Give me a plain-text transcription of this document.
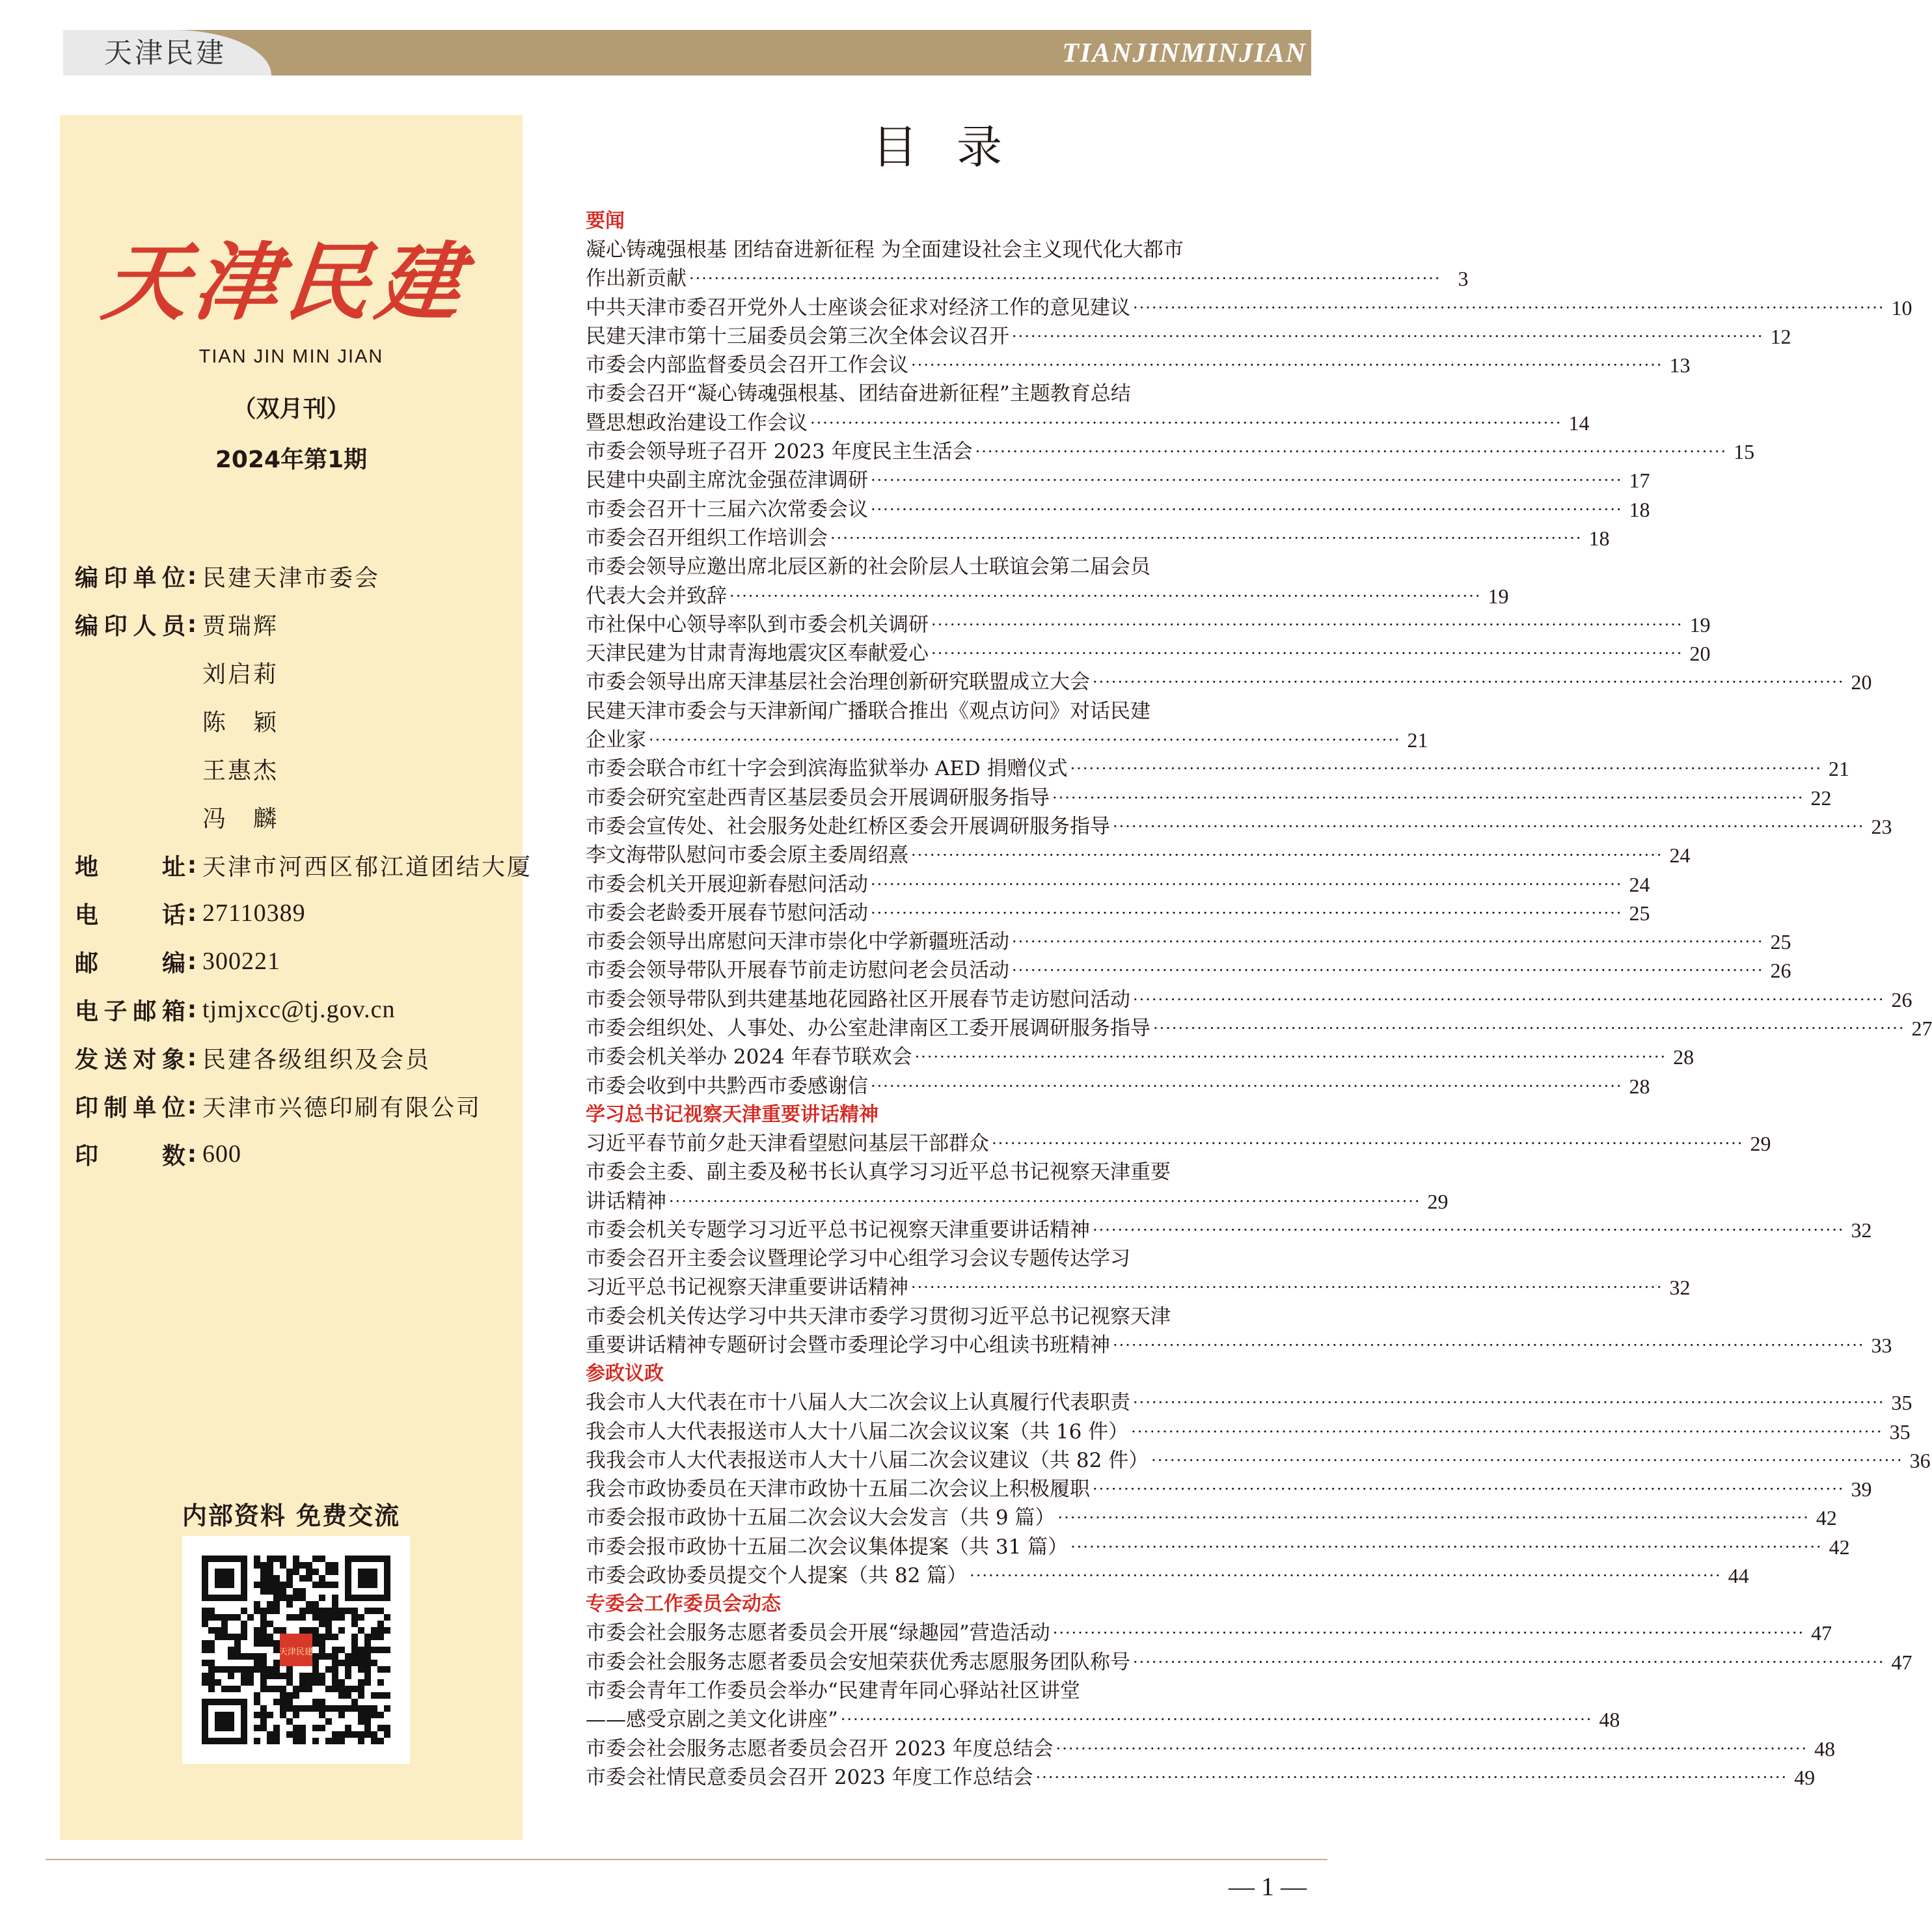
天津民建	TIANJINMINJIAN
天津民建
TIAN JIN MIN JIAN
（双月刊）
2024年第1期
编印单位 : 民建天津市委会
编印人员 : 贾瑞辉
刘启莉
陈　颖
王惠杰
冯　麟
地址 : 天津市河西区郁江道团结大厦
电话 : 27110389
邮编 : 300221
电子邮箱 : tjmjxcc@tj.gov.cn
发送对象 : 民建各级组织及会员
印制单位 : 天津市兴德印刷有限公司
印数 : 600
内部资料 免费交流
天津民建
目录
要闻
凝心铸魂强根基 团结奋进新征程 为全面建设社会主义现代化大都市
作出新贡献 ························································································································ 3
中共天津市委召开党外人士座谈会征求对经济工作的意见建议 ························································································································ 10
民建天津市第十三届委员会第三次全体会议召开 ························································································································ 12
市委会内部监督委员会召开工作会议 ························································································································ 13
市委会召开“凝心铸魂强根基、团结奋进新征程”主题教育总结
暨思想政治建设工作会议 ························································································································ 14
市委会领导班子召开 2023 年度民主生活会 ························································································································ 15
民建中央副主席沈金强莅津调研 ························································································································ 17
市委会召开十三届六次常委会议 ························································································································ 18
市委会召开组织工作培训会 ························································································································ 18
市委会领导应邀出席北辰区新的社会阶层人士联谊会第二届会员
代表大会并致辞 ························································································································ 19
市社保中心领导率队到市委会机关调研 ························································································································ 19
天津民建为甘肃青海地震灾区奉献爱心 ························································································································ 20
市委会领导出席天津基层社会治理创新研究联盟成立大会 ························································································································ 20
民建天津市委会与天津新闻广播联合推出《观点访问》对话民建
企业家 ························································································································ 21
市委会联合市红十字会到滨海监狱举办 AED 捐赠仪式 ························································································································ 21
市委会研究室赴西青区基层委员会开展调研服务指导 ························································································································ 22
市委会宣传处、社会服务处赴红桥区委会开展调研服务指导 ························································································································ 23
李文海带队慰问市委会原主委周绍熹 ························································································································ 24
市委会机关开展迎新春慰问活动 ························································································································ 24
市委会老龄委开展春节慰问活动 ························································································································ 25
市委会领导出席慰问天津市崇化中学新疆班活动 ························································································································ 25
市委会领导带队开展春节前走访慰问老会员活动 ························································································································ 26
市委会领导带队到共建基地花园路社区开展春节走访慰问活动 ························································································································ 26
市委会组织处、人事处、办公室赴津南区工委开展调研服务指导 ························································································································ 27
市委会机关举办 2024 年春节联欢会 ························································································································ 28
市委会收到中共黔西市委感谢信 ························································································································ 28
学习总书记视察天津重要讲话精神
习近平春节前夕赴天津看望慰问基层干部群众 ························································································································ 29
市委会主委、副主委及秘书长认真学习习近平总书记视察天津重要
讲话精神 ························································································································ 29
市委会机关专题学习习近平总书记视察天津重要讲话精神 ························································································································ 32
市委会召开主委会议暨理论学习中心组学习会议专题传达学习
习近平总书记视察天津重要讲话精神 ························································································································ 32
市委会机关传达学习中共天津市委学习贯彻习近平总书记视察天津
重要讲话精神专题研讨会暨市委理论学习中心组读书班精神 ························································································································ 33
参政议政
我会市人大代表在市十八届人大二次会议上认真履行代表职责 ························································································································ 35
我会市人大代表报送市人大十八届二次会议议案（共 16 件） ························································································································ 35
我我会市人大代表报送市人大十八届二次会议建议（共 82 件） ························································································································ 36
我会市政协委员在天津市政协十五届二次会议上积极履职 ························································································································ 39
市委会报市政协十五届二次会议大会发言（共 9 篇） ························································································································ 42
市委会报市政协十五届二次会议集体提案（共 31 篇） ························································································································ 42
市委会政协委员提交个人提案（共 82 篇） ························································································································ 44
专委会工作委员会动态
市委会社会服务志愿者委员会开展“绿趣园”营造活动 ························································································································ 47
市委会社会服务志愿者委员会安旭荣获优秀志愿服务团队称号 ························································································································ 47
市委会青年工作委员会举办“民建青年同心驿站社区讲堂
——感受京剧之美文化讲座” ························································································································ 48
市委会社会服务志愿者委员会召开 2023 年度总结会 ························································································································ 48
市委会社情民意委员会召开 2023 年度工作总结会 ························································································································ 49
— 1 —
